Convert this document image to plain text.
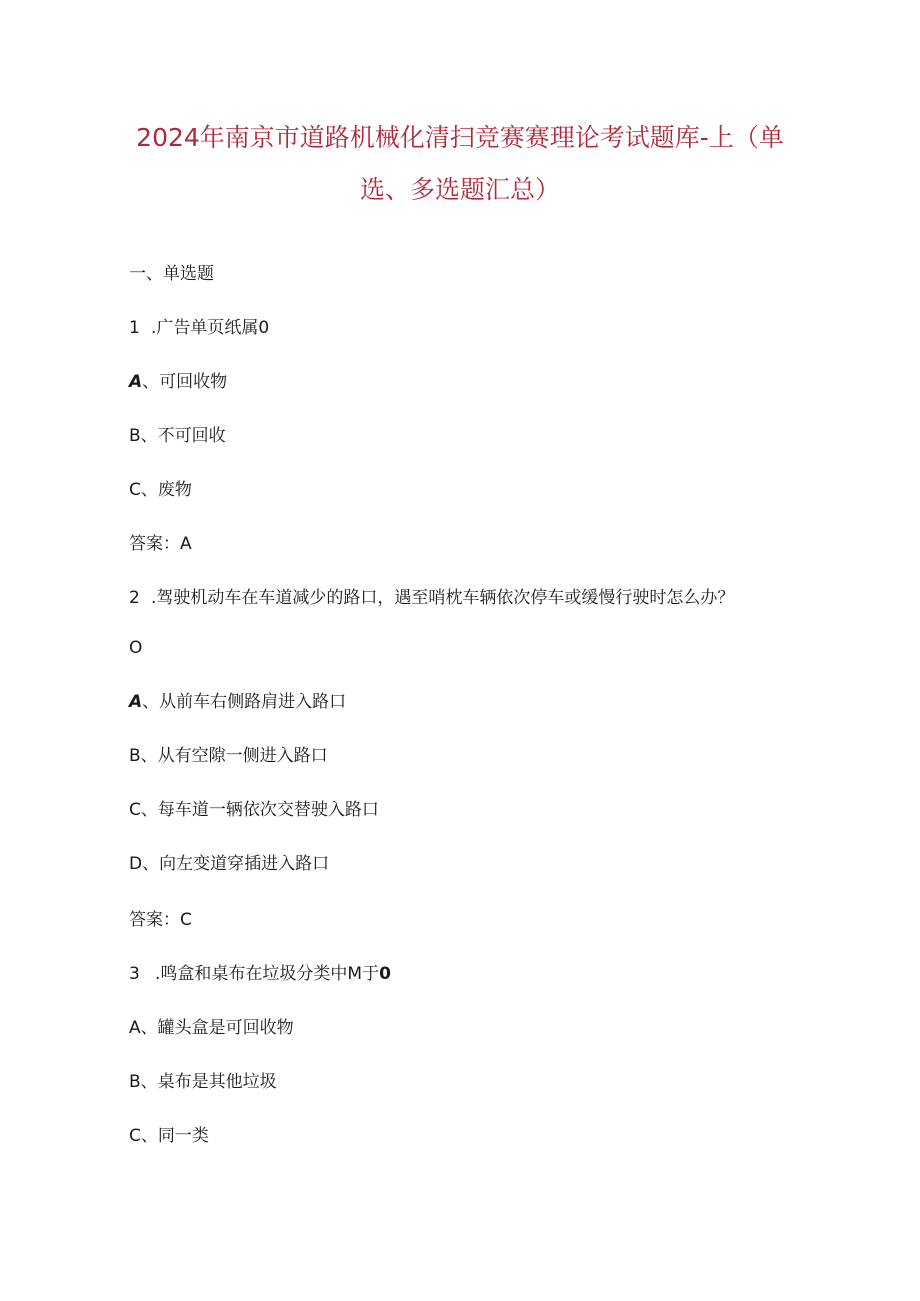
2024年南京市道路机械化清扫竞赛赛理论考试题库-上（单
选、多选题汇总）
一、单选题
1 .广告单页纸属0
A、可回收物
B、不可回收
C、废物
答案：A
2 .驾驶机动车在车道减少的路口，遇至哨枕车辆依次停车或缓慢行驶时怎么办？
O
A、从前车右侧路肩进入路口
B、从有空隙一侧进入路口
C、每车道一辆依次交替驶入路口
D、向左变道穿插进入路口
答案：C
3 .鸣盒和桌布在垃圾分类中M于0
A、罐头盒是可回收物
B、桌布是其他垃圾
C、同一类
